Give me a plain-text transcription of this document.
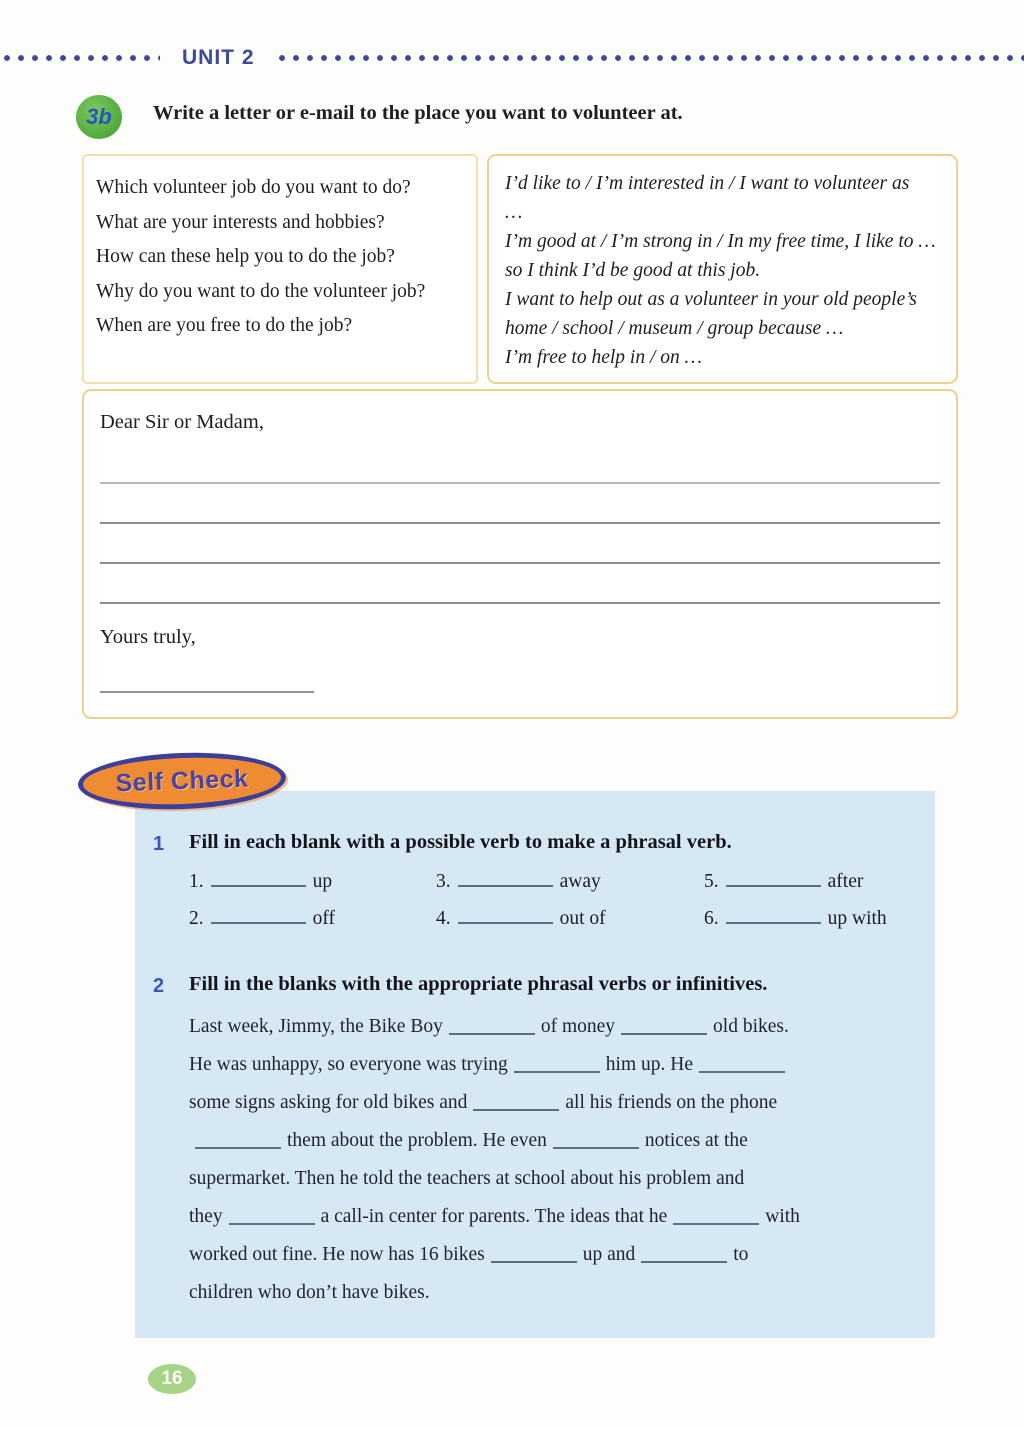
UNIT 2
3b	Write a letter or e-mail to the place you want to volunteer at.
Which volunteer job do you want to do?
What are your interests and hobbies?
How can these help you to do the job?
Why do you want to do the volunteer job?
When are you free to do the job?
I’d like to / I’m interested in / I want to volunteer as
…
I’m good at / I’m strong in / In my free time, I like to … so I think I’d be good at this job.
I want to help out as a volunteer in your old people’s home / school / museum / group because …
I’m free to help in / on …
Dear Sir or Madam,
Yours truly,
Self Check
1	Fill in each blank with a possible verb to make a phrasal verb.
1.	up
2.	off
3.	away
4.	out of
5.	after
6.	up with
2	Fill in the blanks with the appropriate phrasal verbs or infinitives.
Last week, Jimmy, the Bike Boy	of money	old bikes.
He was unhappy, so everyone was trying	him up. He
some signs asking for old bikes and	all his friends on the phone
them about the problem. He even	notices at the
supermarket. Then he told the teachers at school about his problem and
they	a call-in center for parents. The ideas that he	with
worked out fine. He now has 16 bikes	up and	to
children who don’t have bikes.
16
